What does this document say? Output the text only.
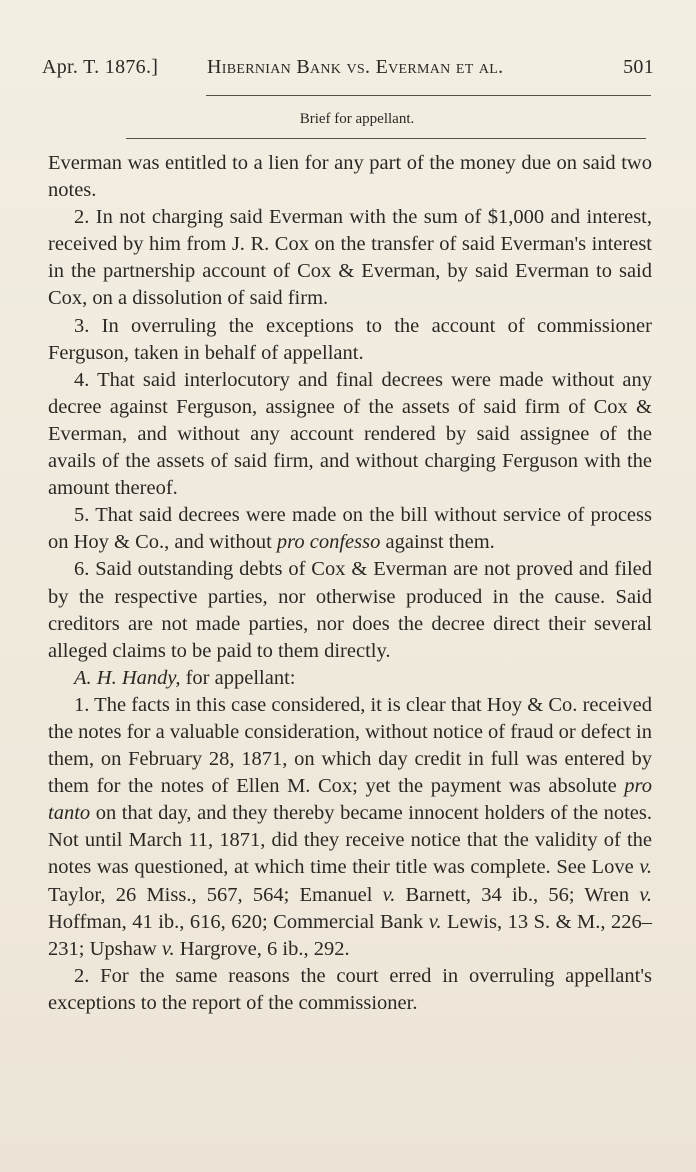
Apr. T. 1876.] Hibernian Bank vs. Everman et al.	501
Brief for appellant.

Everman was entitled to a lien for any part of the money due on said two notes.

2. In not charging said Everman with the sum of $1,000 and interest, received by him from J. R. Cox on the transfer of said Everman's interest in the partnership account of Cox & Everman, by said Everman to said Cox, on a dissolution of said firm.

3. In overruling the exceptions to the account of commissioner Ferguson, taken in behalf of appellant.

4. That said interlocutory and final decrees were made without any decree against Ferguson, assignee of the assets of said firm of Cox & Everman, and without any account rendered by said assignee of the avails of the assets of said firm, and without charging Ferguson with the amount thereof.

5. That said decrees were made on the bill without service of process on Hoy & Co., and without pro confesso against them.

6. Said outstanding debts of Cox & Everman are not proved and filed by the respective parties, nor otherwise produced in the cause. Said creditors are not made parties, nor does the decree direct their several alleged claims to be paid to them directly.

A. H. Handy, for appellant:

1. The facts in this case considered, it is clear that Hoy & Co. received the notes for a valuable consideration, without notice of fraud or defect in them, on February 28, 1871, on which day credit in full was entered by them for the notes of Ellen M. Cox; yet the payment was absolute pro tanto on that day, and they thereby became innocent holders of the notes. Not until March 11, 1871, did they receive notice that the validity of the notes was questioned, at which time their title was complete. See Love v. Taylor, 26 Miss., 567, 564; Emanuel v. Barnett, 34 ib., 56; Wren v. Hoffman, 41 ib., 616, 620; Commercial Bank v. Lewis, 13 S. & M., 226–231; Upshaw v. Hargrove, 6 ib., 292.

2. For the same reasons the court erred in overruling appellant's exceptions to the report of the commissioner.
